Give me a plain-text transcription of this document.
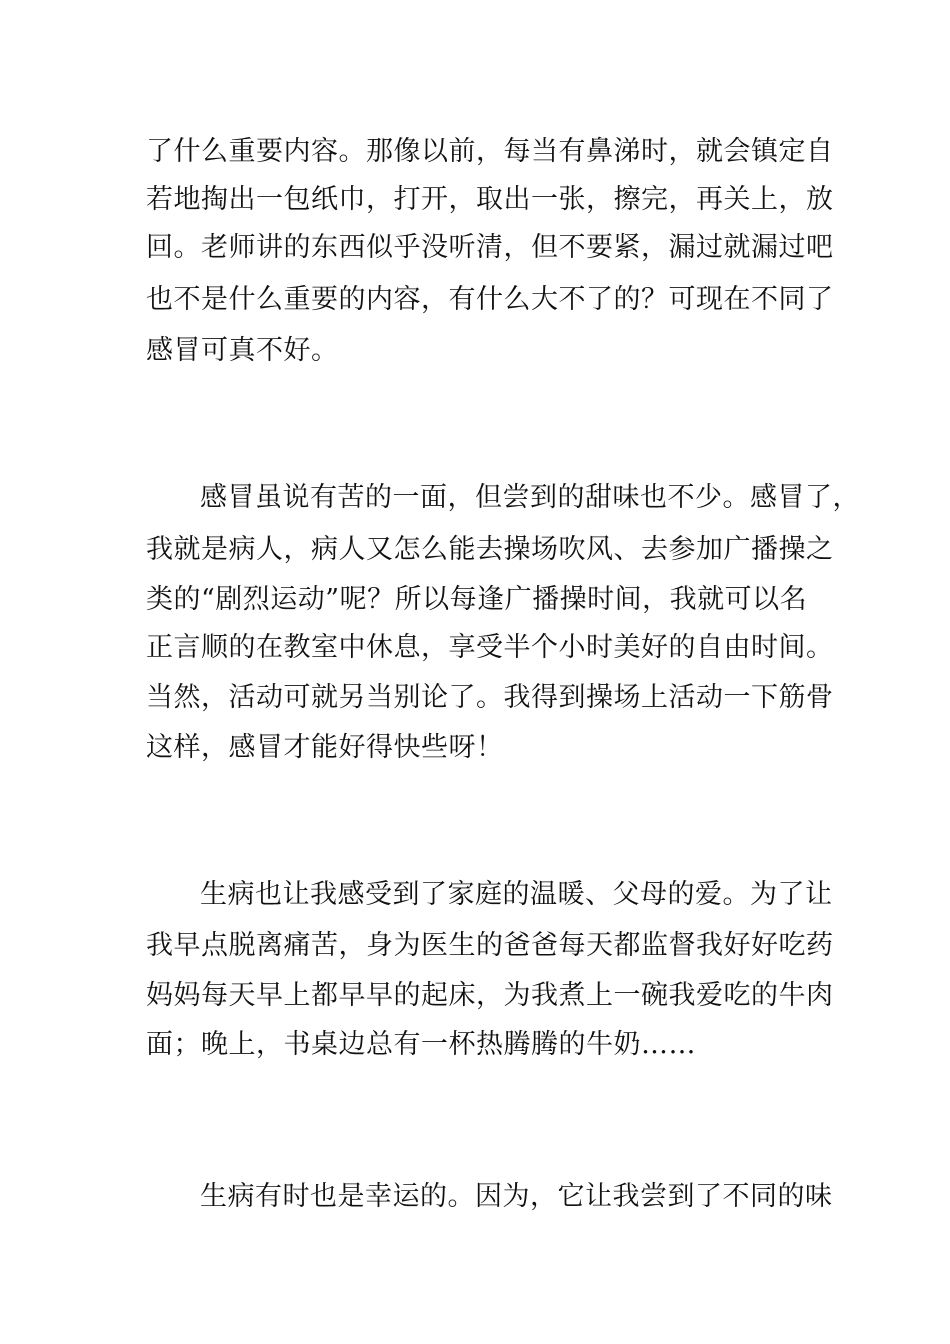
了什么重要内容。那像以前，每当有鼻涕时，就会镇定自
若地掏出一包纸巾，打开，取出一张，擦完，再关上，放
回。老师讲的东西似乎没听清，但不要紧，漏过就漏过吧
也不是什么重要的内容，有什么大不了的？可现在不同了
感冒可真不好。
感冒虽说有苦的一面，但尝到的甜味也不少。感冒了，
我就是病人，病人又怎么能去操场吹风、去参加广播操之
类的“剧烈运动”呢？所以每逢广播操时间，我就可以名
正言顺的在教室中休息，享受半个小时美好的自由时间。
当然，活动可就另当别论了。我得到操场上活动一下筋骨
这样，感冒才能好得快些呀！
生病也让我感受到了家庭的温暖、父母的爱。为了让
我早点脱离痛苦，身为医生的爸爸每天都监督我好好吃药
妈妈每天早上都早早的起床，为我煮上一碗我爱吃的牛肉
面；晚上，书桌边总有一杯热腾腾的牛奶……
生病有时也是幸运的。因为，它让我尝到了不同的味
